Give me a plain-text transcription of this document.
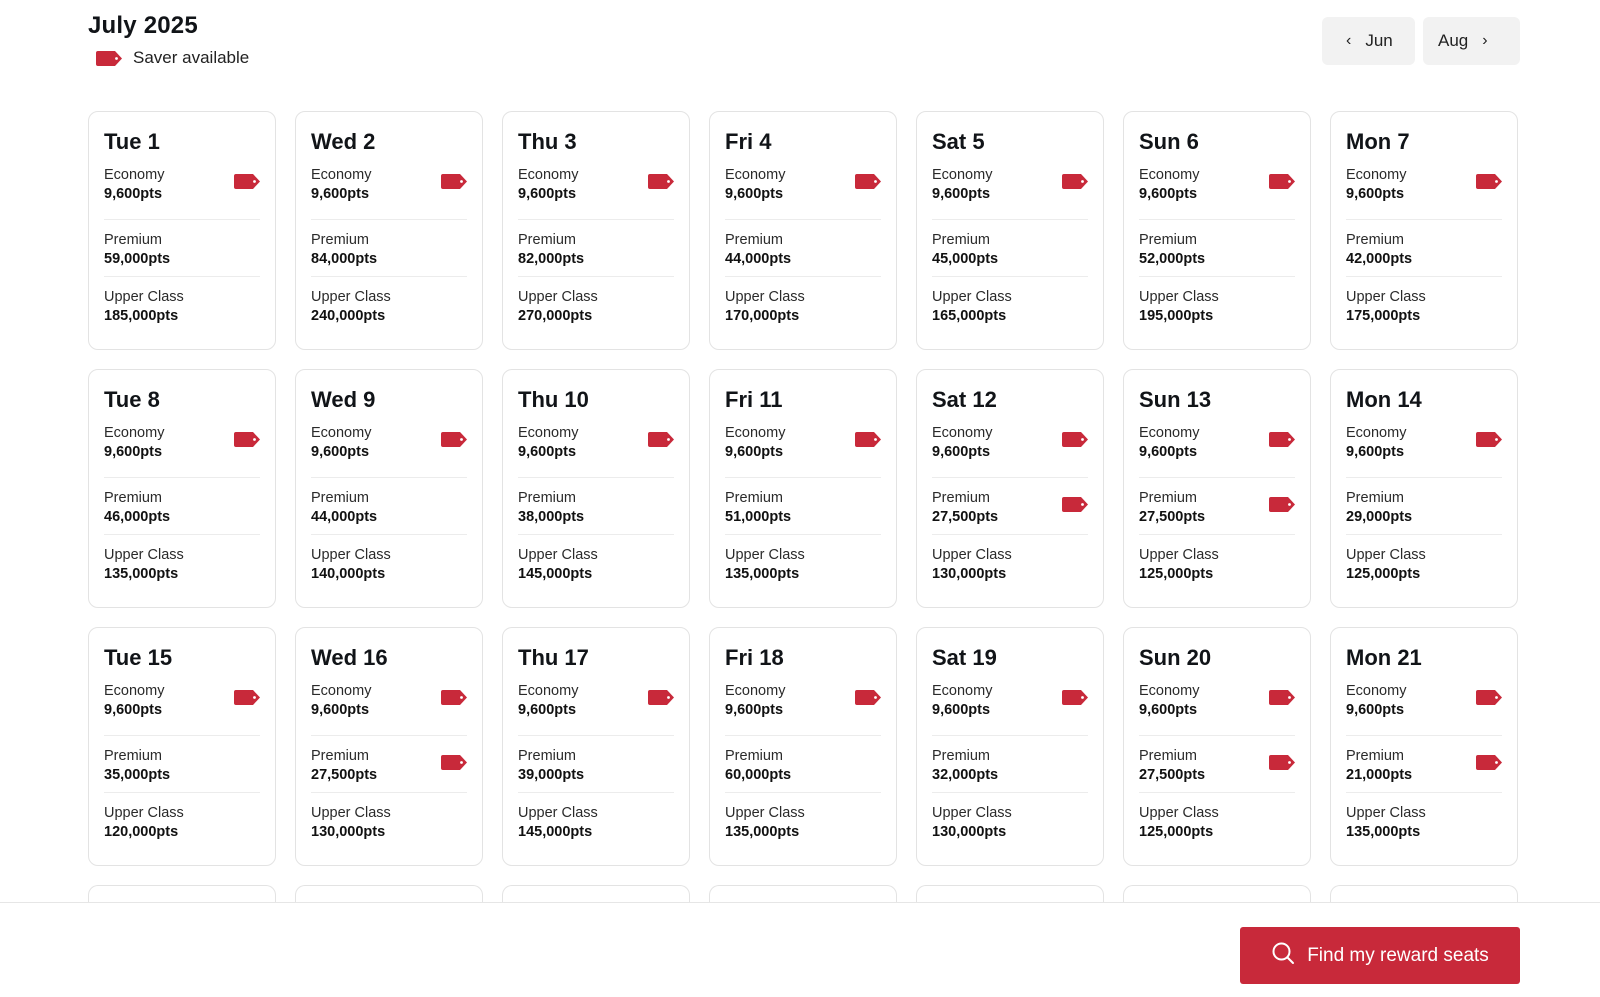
July 2025
Saver available
‹ Jun	Aug ›
Tue 1
Economy
9,600pts
Premium
59,000pts
Upper Class
185,000pts
Wed 2
Economy
9,600pts
Premium
84,000pts
Upper Class
240,000pts
Thu 3
Economy
9,600pts
Premium
82,000pts
Upper Class
270,000pts
Fri 4
Economy
9,600pts
Premium
44,000pts
Upper Class
170,000pts
Sat 5
Economy
9,600pts
Premium
45,000pts
Upper Class
165,000pts
Sun 6
Economy
9,600pts
Premium
52,000pts
Upper Class
195,000pts
Mon 7
Economy
9,600pts
Premium
42,000pts
Upper Class
175,000pts
Tue 8
Economy
9,600pts
Premium
46,000pts
Upper Class
135,000pts
Wed 9
Economy
9,600pts
Premium
44,000pts
Upper Class
140,000pts
Thu 10
Economy
9,600pts
Premium
38,000pts
Upper Class
145,000pts
Fri 11
Economy
9,600pts
Premium
51,000pts
Upper Class
135,000pts
Sat 12
Economy
9,600pts
Premium
27,500pts
Upper Class
130,000pts
Sun 13
Economy
9,600pts
Premium
27,500pts
Upper Class
125,000pts
Mon 14
Economy
9,600pts
Premium
29,000pts
Upper Class
125,000pts
Tue 15
Economy
9,600pts
Premium
35,000pts
Upper Class
120,000pts
Wed 16
Economy
9,600pts
Premium
27,500pts
Upper Class
130,000pts
Thu 17
Economy
9,600pts
Premium
39,000pts
Upper Class
145,000pts
Fri 18
Economy
9,600pts
Premium
60,000pts
Upper Class
135,000pts
Sat 19
Economy
9,600pts
Premium
32,000pts
Upper Class
130,000pts
Sun 20
Economy
9,600pts
Premium
27,500pts
Upper Class
125,000pts
Mon 21
Economy
9,600pts
Premium
21,000pts
Upper Class
135,000pts
Find my reward seats
